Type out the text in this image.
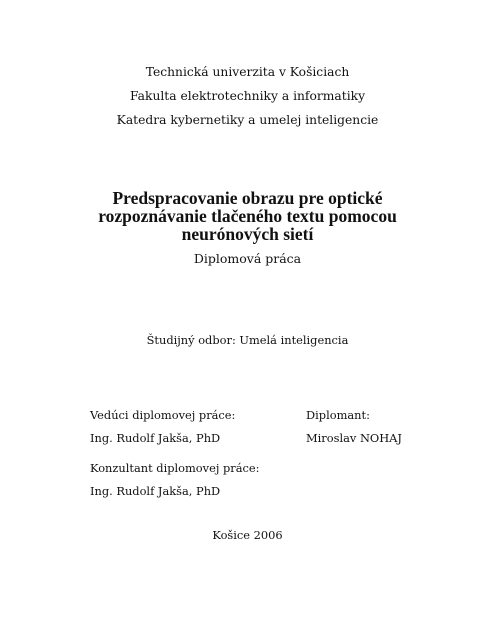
Technická univerzita v Košiciach
Fakulta elektrotechniky a informatiky
Katedra kybernetiky a umelej inteligencie
Predspracovanie obrazu pre optické
rozpoznávanie tlačeného textu pomocou
neurónových sietí
Diplomová práca
Študijný odbor: Umelá inteligencia
Vedúci diplomovej práce:
Ing. Rudolf Jakša, PhD
Diplomant:
Miroslav NOHAJ
Konzultant diplomovej práce:
Ing. Rudolf Jakša, PhD
Košice 2006
